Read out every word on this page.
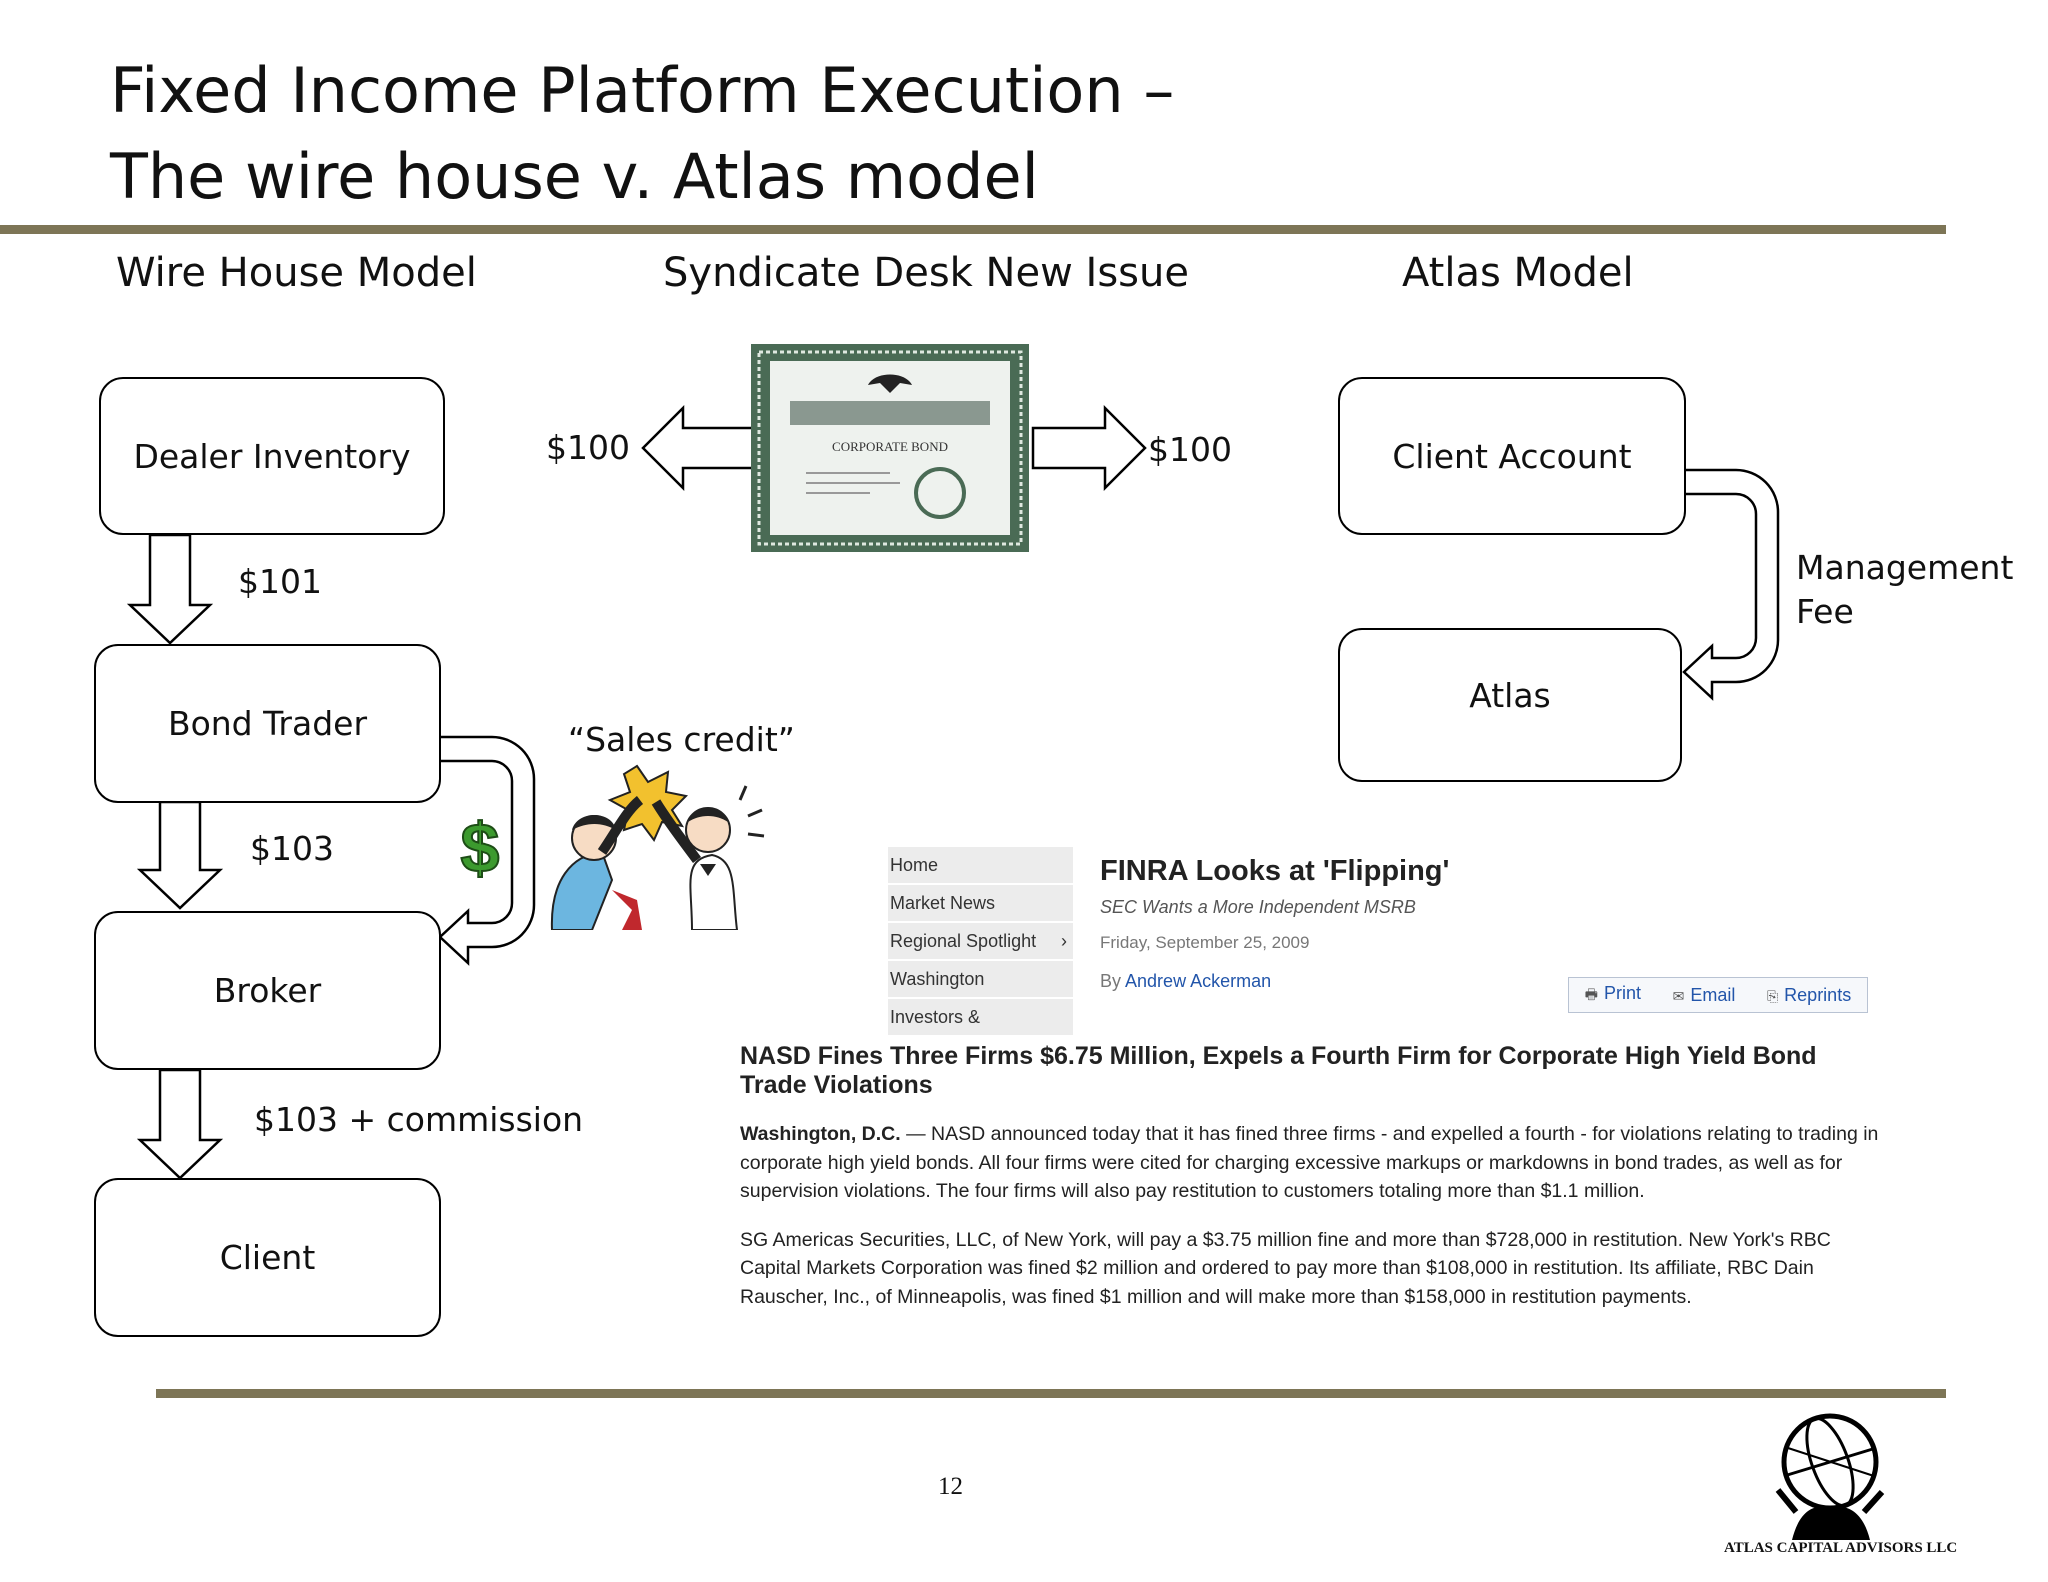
Fixed Income Platform Execution –
The wire house v. Atlas model
Wire House Model	Syndicate Desk New Issue	Atlas Model
Dealer Inventory
Bond Trader
Broker
Client
$101
$103
$103 + commission
$
“Sales credit”
$100	$100
CORPORATE BOND	Client Account
Atlas
Management
Fee
Home
Market News
Regional Spotlight ›
Washington
Investors &
FINRA Looks at 'Flipping'
SEC Wants a More Independent MSRB
Friday, September 25, 2009
By Andrew Ackerman
🖶 Print ✉ Email ⎘ Reprints
NASD Fines Three Firms $6.75 Million, Expels a Fourth Firm for Corporate High Yield Bond Trade Violations
Washington, D.C. — NASD announced today that it has fined three firms - and expelled a fourth - for violations relating to trading in corporate high yield bonds. All four firms were cited for charging excessive markups or markdowns in bond trades, as well as for supervision violations. The four firms will also pay restitution to customers totaling more than $1.1 million.
SG Americas Securities, LLC, of New York, will pay a $3.75 million fine and more than $728,000 in restitution. New York's RBC Capital Markets Corporation was fined $2 million and ordered to pay more than $108,000 in restitution. Its affiliate, RBC Dain Rauscher, Inc., of Minneapolis, was fined $1 million and will make more than $158,000 in restitution payments.
12
ATLAS CAPITAL ADVISORS LLC
